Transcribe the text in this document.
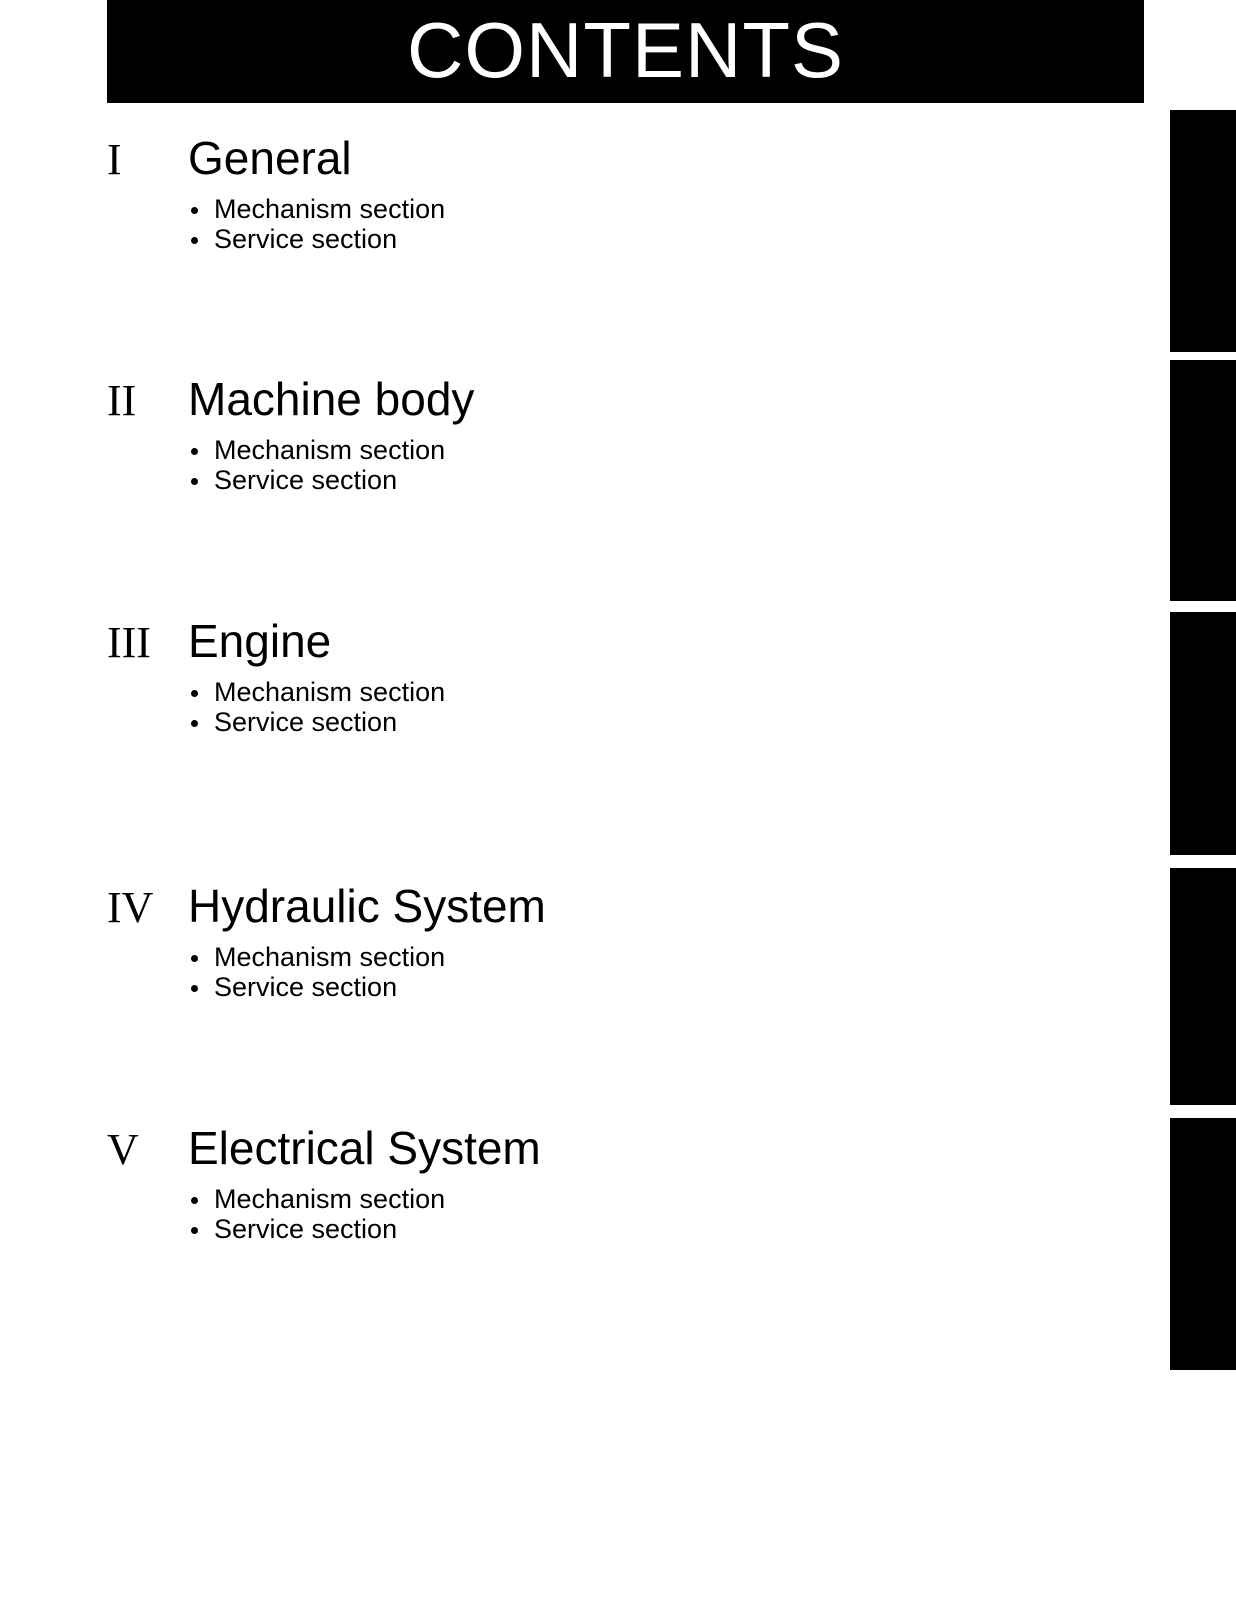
CONTENTS
I	General
Mechanism section
Service section
II	Machine body
Mechanism section
Service section
III Engine
Mechanism section
Service section
IV Hydraulic System
Mechanism section
Service section
V	Electrical System
Mechanism section
Service section
